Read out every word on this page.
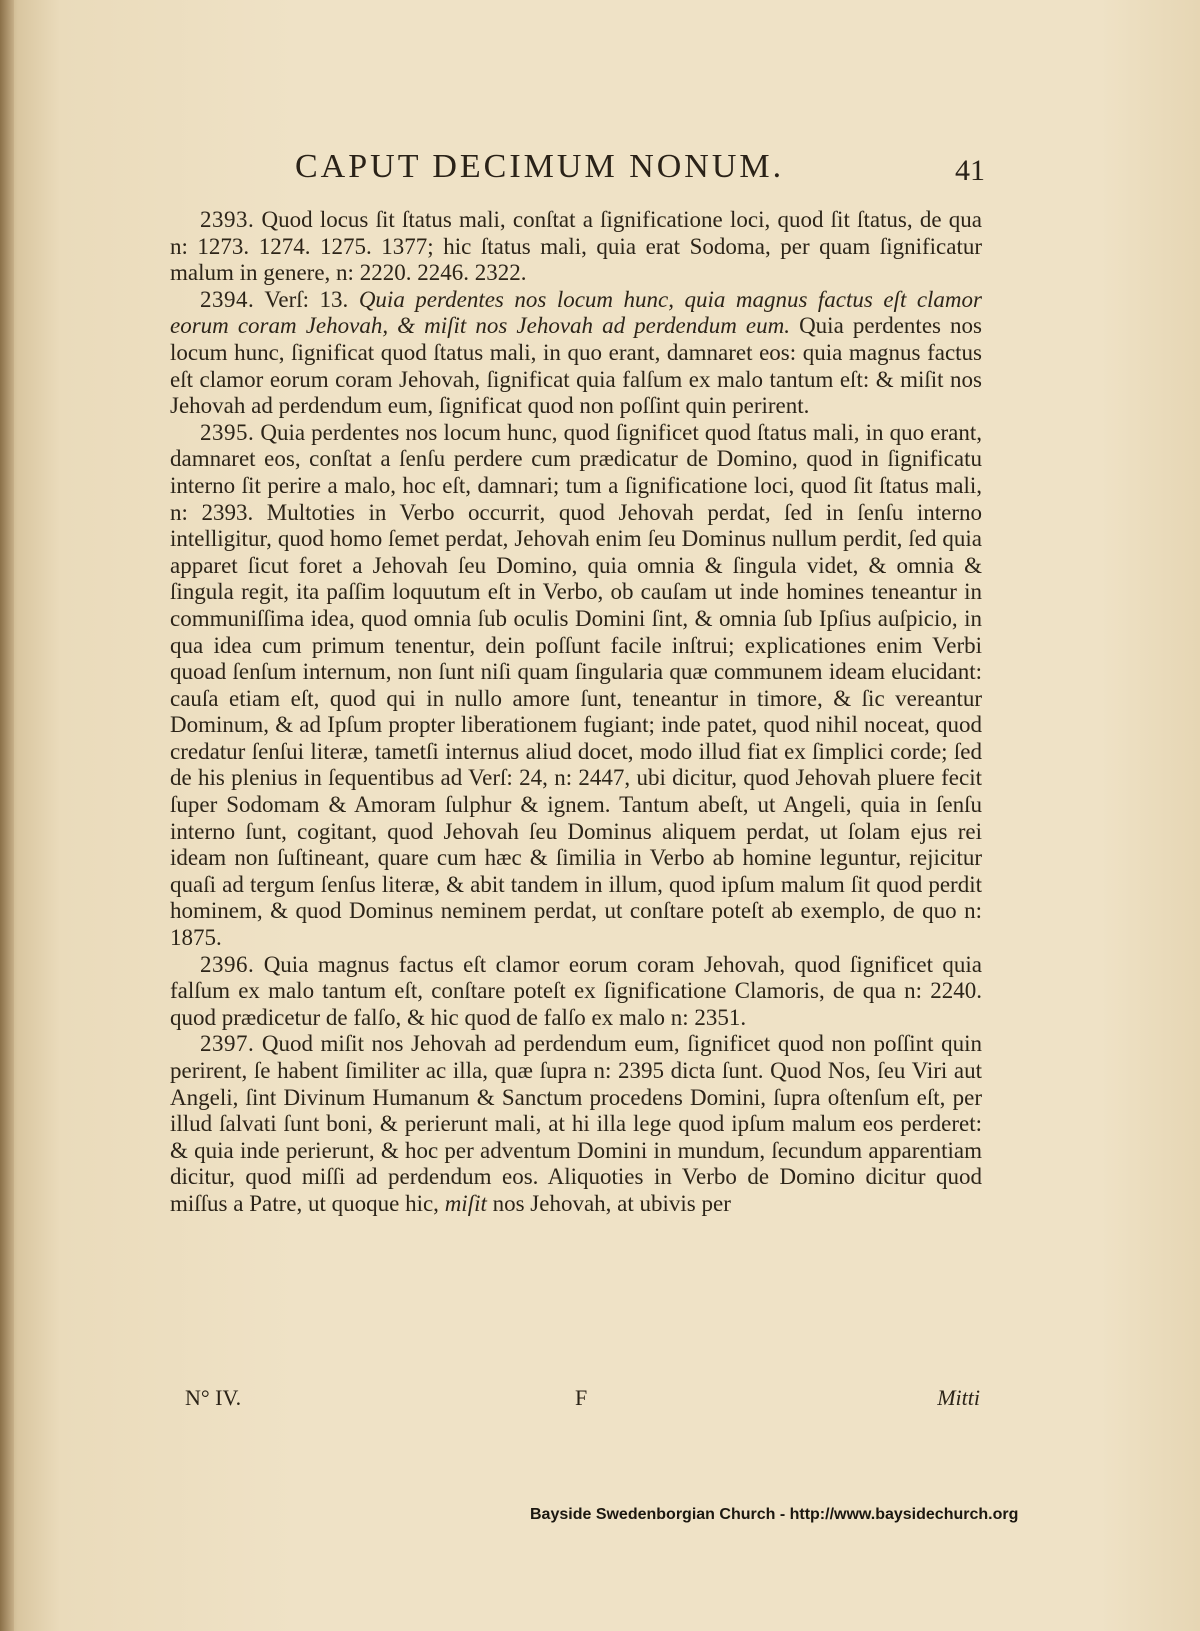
CAPUT DECIMUM NONUM.	41

2393. Quod locus ſit ſtatus mali, conſtat a ſignificatione loci, quod ſit ſtatus, de qua n: 1273. 1274. 1275. 1377; hic ſtatus mali, quia erat Sodoma, per quam ſignificatur malum in genere, n: 2220. 2246. 2322.

2394. Verſ: 13. Quia perdentes nos locum hunc, quia magnus factus eſt clamor eorum coram Jehovah, & miſit nos Jehovah ad perdendum eum. Quia perdentes nos locum hunc, ſignificat quod ſtatus mali, in quo erant, damnaret eos: quia magnus factus eſt clamor eorum coram Jehovah, ſignificat quia falſum ex malo tantum eſt: & miſit nos Jehovah ad perdendum eum, ſignificat quod non poſſint quin perirent.

2395. Quia perdentes nos locum hunc, quod ſignificet quod ſtatus mali, in quo erant, damnaret eos, conſtat a ſenſu perdere cum prædicatur de Domino, quod in ſignificatu interno ſit perire a malo, hoc eſt, damnari; tum a ſignificatione loci, quod ſit ſtatus mali, n: 2393. Multoties in Verbo occurrit, quod Jehovah perdat, ſed in ſenſu interno intelligitur, quod homo ſemet perdat, Jehovah enim ſeu Dominus nullum perdit, ſed quia apparet ſicut foret a Jehovah ſeu Domino, quia omnia & ſingula videt, & omnia & ſingula regit, ita paſſim loquutum eſt in Verbo, ob cauſam ut inde homines teneantur in communiſſima idea, quod omnia ſub oculis Domini ſint, & omnia ſub Ipſius auſpicio, in qua idea cum primum tenentur, dein poſſunt facile inſtrui; explicationes enim Verbi quoad ſenſum internum, non ſunt niſi quam ſingularia quæ communem ideam elucidant: cauſa etiam eſt, quod qui in nullo amore ſunt, teneantur in timore, & ſic vereantur Dominum, & ad Ipſum propter liberationem fugiant; inde patet, quod nihil noceat, quod credatur ſenſui literæ, tametſi internus aliud docet, modo illud fiat ex ſimplici corde; ſed de his plenius in ſequentibus ad Verſ: 24, n: 2447, ubi dicitur, quod Jehovah pluere fecit ſuper Sodomam & Amoram ſulphur & ignem. Tantum abeſt, ut Angeli, quia in ſenſu interno ſunt, cogitant, quod Jehovah ſeu Dominus aliquem perdat, ut ſolam ejus rei ideam non ſuſtineant, quare cum hæc & ſimilia in Verbo ab homine leguntur, rejicitur quaſi ad tergum ſenſus literæ, & abit tandem in illum, quod ipſum malum ſit quod perdit hominem, & quod Dominus neminem perdat, ut conſtare poteſt ab exemplo, de quo n: 1875.

2396. Quia magnus factus eſt clamor eorum coram Jehovah, quod ſignificet quia falſum ex malo tantum eſt, conſtare poteſt ex ſignificatione Clamoris, de qua n: 2240. quod prædicetur de falſo, & hic quod de falſo ex malo n: 2351.

2397. Quod miſit nos Jehovah ad perdendum eum, ſignificet quod non poſſint quin perirent, ſe habent ſimiliter ac illa, quæ ſupra n: 2395 dicta ſunt. Quod Nos, ſeu Viri aut Angeli, ſint Divinum Humanum & Sanctum procedens Domini, ſupra oſtenſum eſt, per illud ſalvati ſunt boni, & perierunt mali, at hi illa lege quod ipſum malum eos perderet: & quia inde perierunt, & hoc per adventum Domini in mundum, ſecundum apparentiam dicitur, quod miſſi ad perdendum eos. Aliquoties in Verbo de Domino dicitur quod miſſus a Patre, ut quoque hic, miſit nos Jehovah, at ubivis per

N° IV.	F	Mitti
Bayside Swedenborgian Church - http://www.baysidechurch.org
